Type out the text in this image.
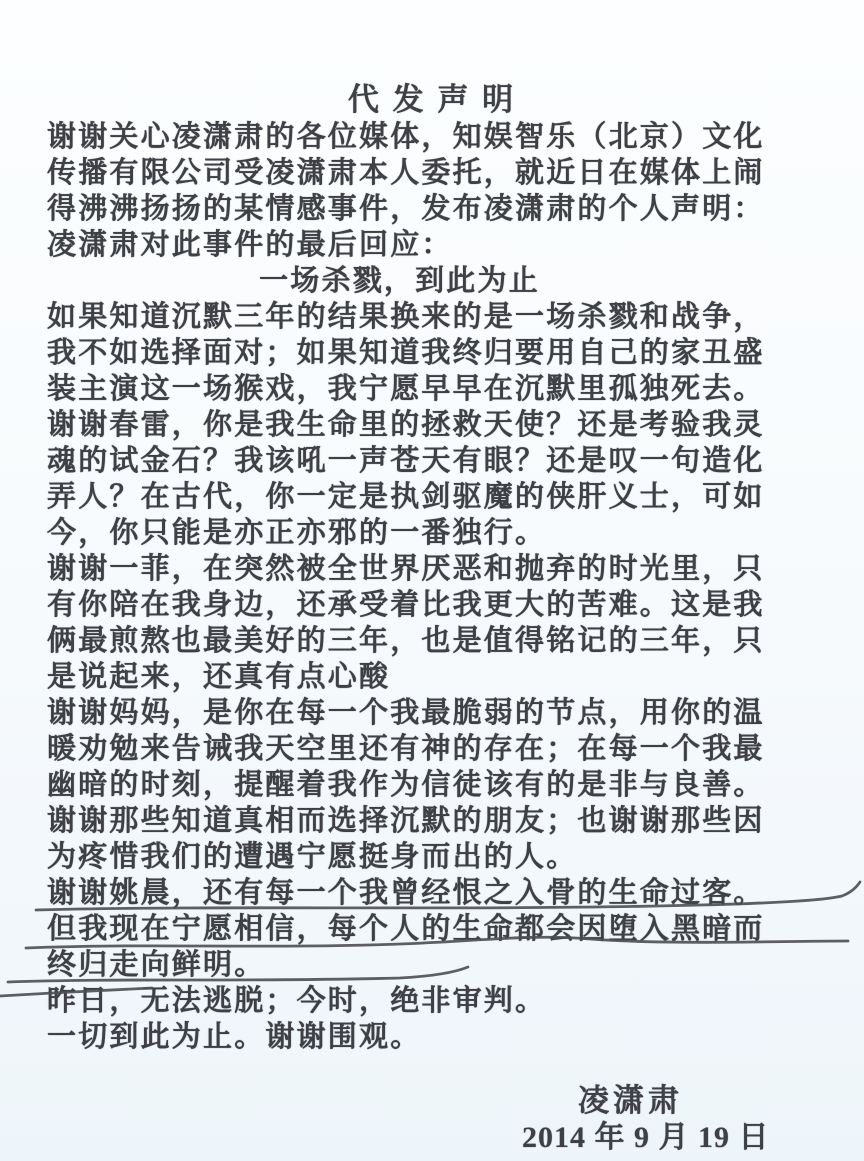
代 发 声 明
谢谢关心凌潇肃的各位媒体，知娱智乐（北京）文化
传播有限公司受凌潇肃本人委托，就近日在媒体上闹
得沸沸扬扬的某情感事件，发布凌潇肃的个人声明：
凌潇肃对此事件的最后回应：
一场杀戮，到此为止
如果知道沉默三年的结果换来的是一场杀戮和战争，
我不如选择面对；如果知道我终归要用自己的家丑盛
装主演这一场猴戏，我宁愿早早在沉默里孤独死去。
谢谢春雷，你是我生命里的拯救天使？还是考验我灵
魂的试金石？我该吼一声苍天有眼？还是叹一句造化
弄人？在古代，你一定是执剑驱魔的侠肝义士，可如
今，你只能是亦正亦邪的一番独行。
谢谢一菲，在突然被全世界厌恶和抛弃的时光里，只
有你陪在我身边，还承受着比我更大的苦难。这是我
俩最煎熬也最美好的三年，也是值得铭记的三年，只
是说起来，还真有点心酸
谢谢妈妈，是你在每一个我最脆弱的节点，用你的温
暖劝勉来告诫我天空里还有神的存在；在每一个我最
幽暗的时刻，提醒着我作为信徒该有的是非与良善。
谢谢那些知道真相而选择沉默的朋友；也谢谢那些因
为疼惜我们的遭遇宁愿挺身而出的人。
谢谢姚晨，还有每一个我曾经恨之入骨的生命过客。
但我现在宁愿相信，每个人的生命都会因堕入黑暗而
终归走向鲜明。
昨日，无法逃脱；今时，绝非审判。
一切到此为止。谢谢围观。
凌潇肃
2014 年 9 月 19 日
